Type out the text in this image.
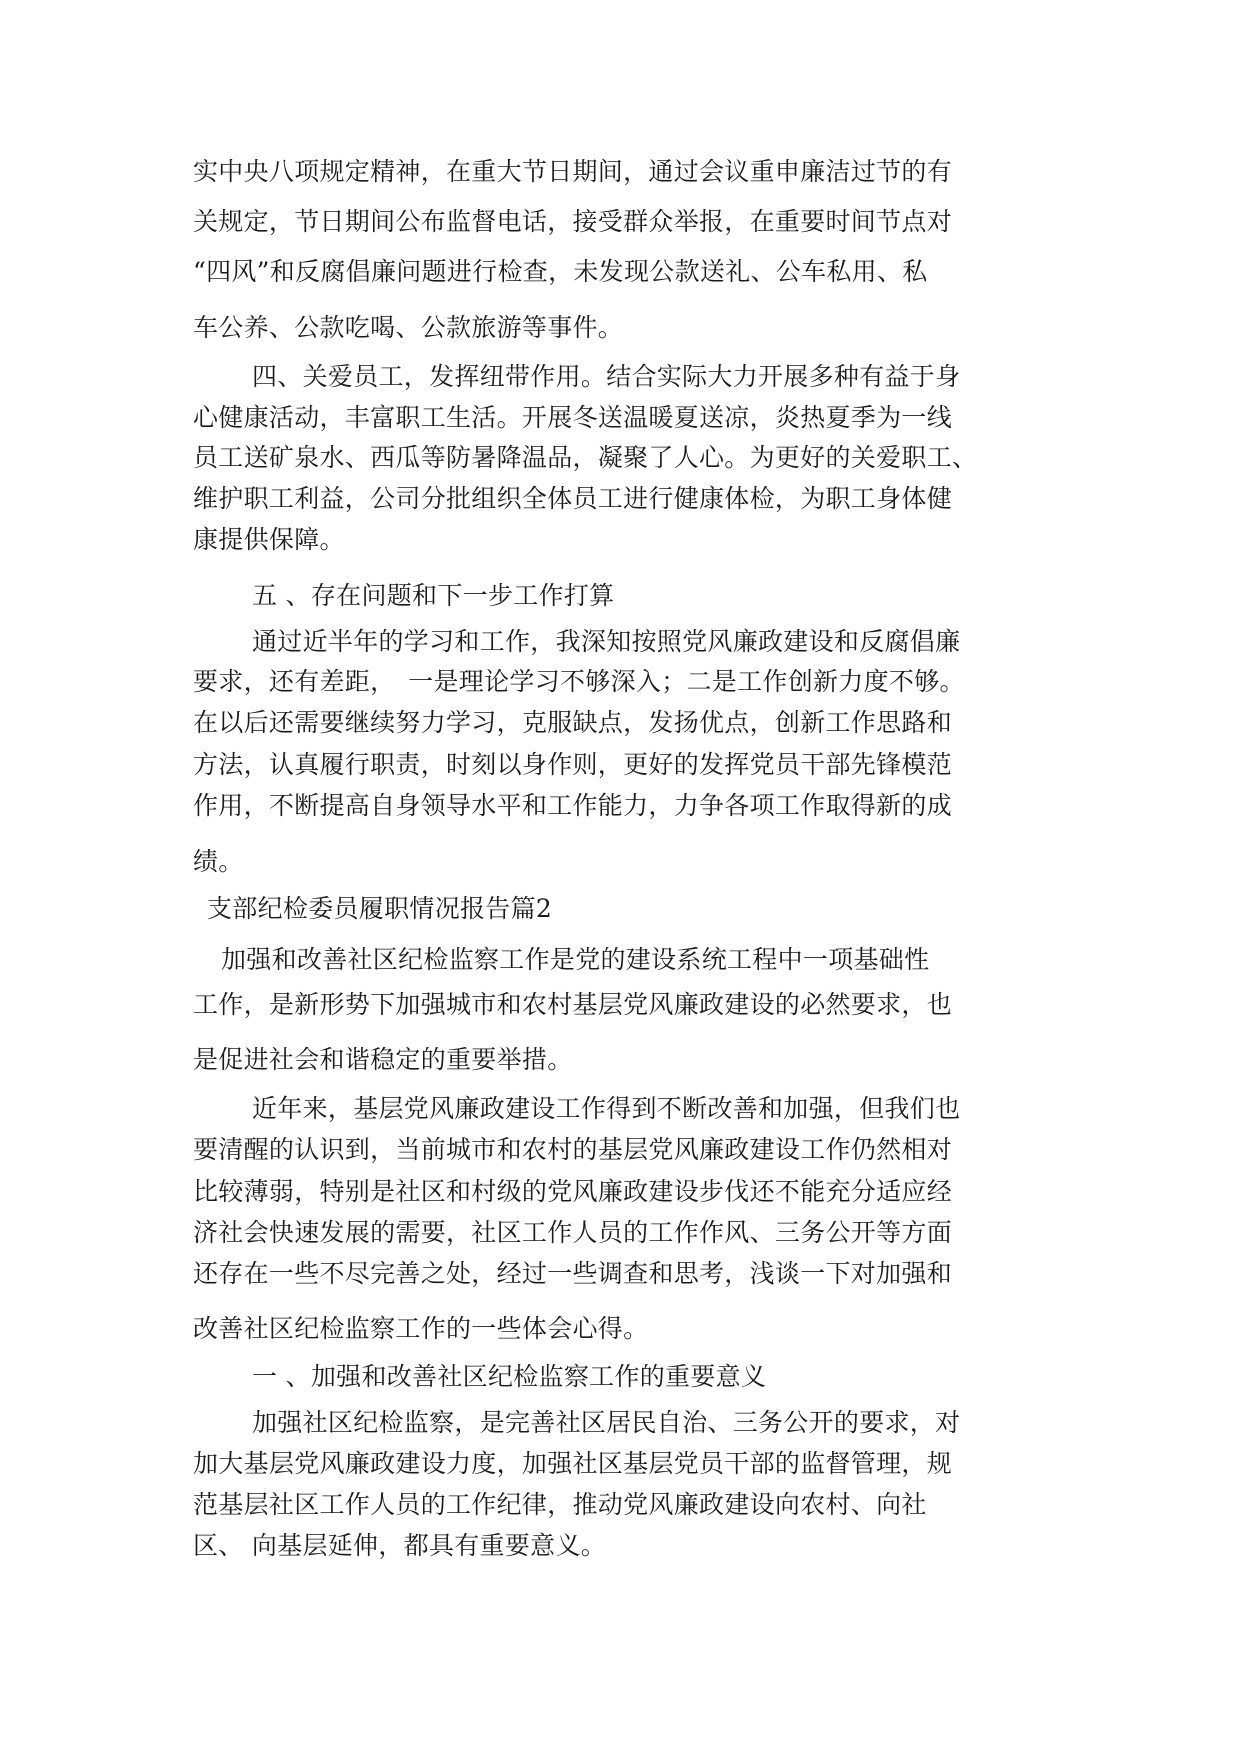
实中央八项规定精神，在重大节日期间，通过会议重申廉洁过节的有
关规定，节日期间公布监督电话，接受群众举报，在重要时间节点对
“四风”和反腐倡廉问题进行检查，未发现公款送礼、公车私用、私
车公养、公款吃喝、公款旅游等事件。
四、关爱员工，发挥纽带作用。结合实际大力开展多种有益于身
心健康活动，丰富职工生活。开展冬送温暖夏送凉，炎热夏季为一线
员工送矿泉水、西瓜等防暑降温品，凝聚了人心。为更好的关爱职工、
维护职工利益，公司分批组织全体员工进行健康体检，为职工身体健
康提供保障。
五 、存在问题和下一步工作打算
通过近半年的学习和工作，我深知按照党风廉政建设和反腐倡廉
要求，还有差距，　一是理论学习不够深入；二是工作创新力度不够。
在以后还需要继续努力学习，克服缺点，发扬优点，创新工作思路和
方法，认真履行职责，时刻以身作则，更好的发挥党员干部先锋模范
作用，不断提高自身领导水平和工作能力，力争各项工作取得新的成
绩。
支部纪检委员履职情况报告篇2
加强和改善社区纪检监察工作是党的建设系统工程中一项基础性
工作，是新形势下加强城市和农村基层党风廉政建设的必然要求，也
是促进社会和谐稳定的重要举措。
近年来，基层党风廉政建设工作得到不断改善和加强，但我们也
要清醒的认识到，当前城市和农村的基层党风廉政建设工作仍然相对
比较薄弱，特别是社区和村级的党风廉政建设步伐还不能充分适应经
济社会快速发展的需要，社区工作人员的工作作风、三务公开等方面
还存在一些不尽完善之处，经过一些调查和思考，浅谈一下对加强和
改善社区纪检监察工作的一些体会心得。
一 、加强和改善社区纪检监察工作的重要意义
加强社区纪检监察，是完善社区居民自治、三务公开的要求，对
加大基层党风廉政建设力度，加强社区基层党员干部的监督管理，规
范基层社区工作人员的工作纪律，推动党风廉政建设向农村、向社
区、 向基层延伸，都具有重要意义。
